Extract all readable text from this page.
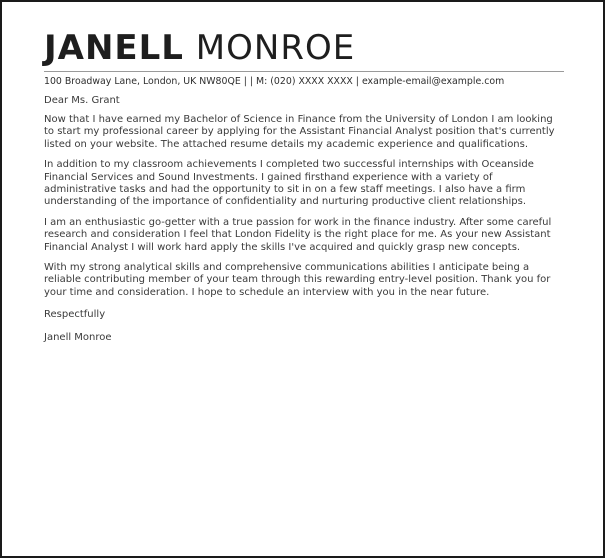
JANELL MONROE
100 Broadway Lane, London, UK NW80QE | | M: (020) XXXX XXXX | example-email@example.com
Dear Ms. Grant

Now that I have earned my Bachelor of Science in Finance from the University of London I am looking to start my professional career by applying for the Assistant Financial Analyst position that's currently listed on your website. The attached resume details my academic experience and qualifications.

In addition to my classroom achievements I completed two successful internships with Oceanside Financial Services and Sound Investments. I gained firsthand experience with a variety of administrative tasks and had the opportunity to sit in on a few staff meetings. I also have a firm understanding of the importance of confidentiality and nurturing productive client relationships.

I am an enthusiastic go-getter with a true passion for work in the finance industry. After some careful research and consideration I feel that London Fidelity is the right place for me. As your new Assistant Financial Analyst I will work hard apply the skills I've acquired and quickly grasp new concepts.

With my strong analytical skills and comprehensive communications abilities I anticipate being a reliable contributing member of your team through this rewarding entry-level position. Thank you for your time and consideration. I hope to schedule an interview with you in the near future.

Respectfully
Janell Monroe
